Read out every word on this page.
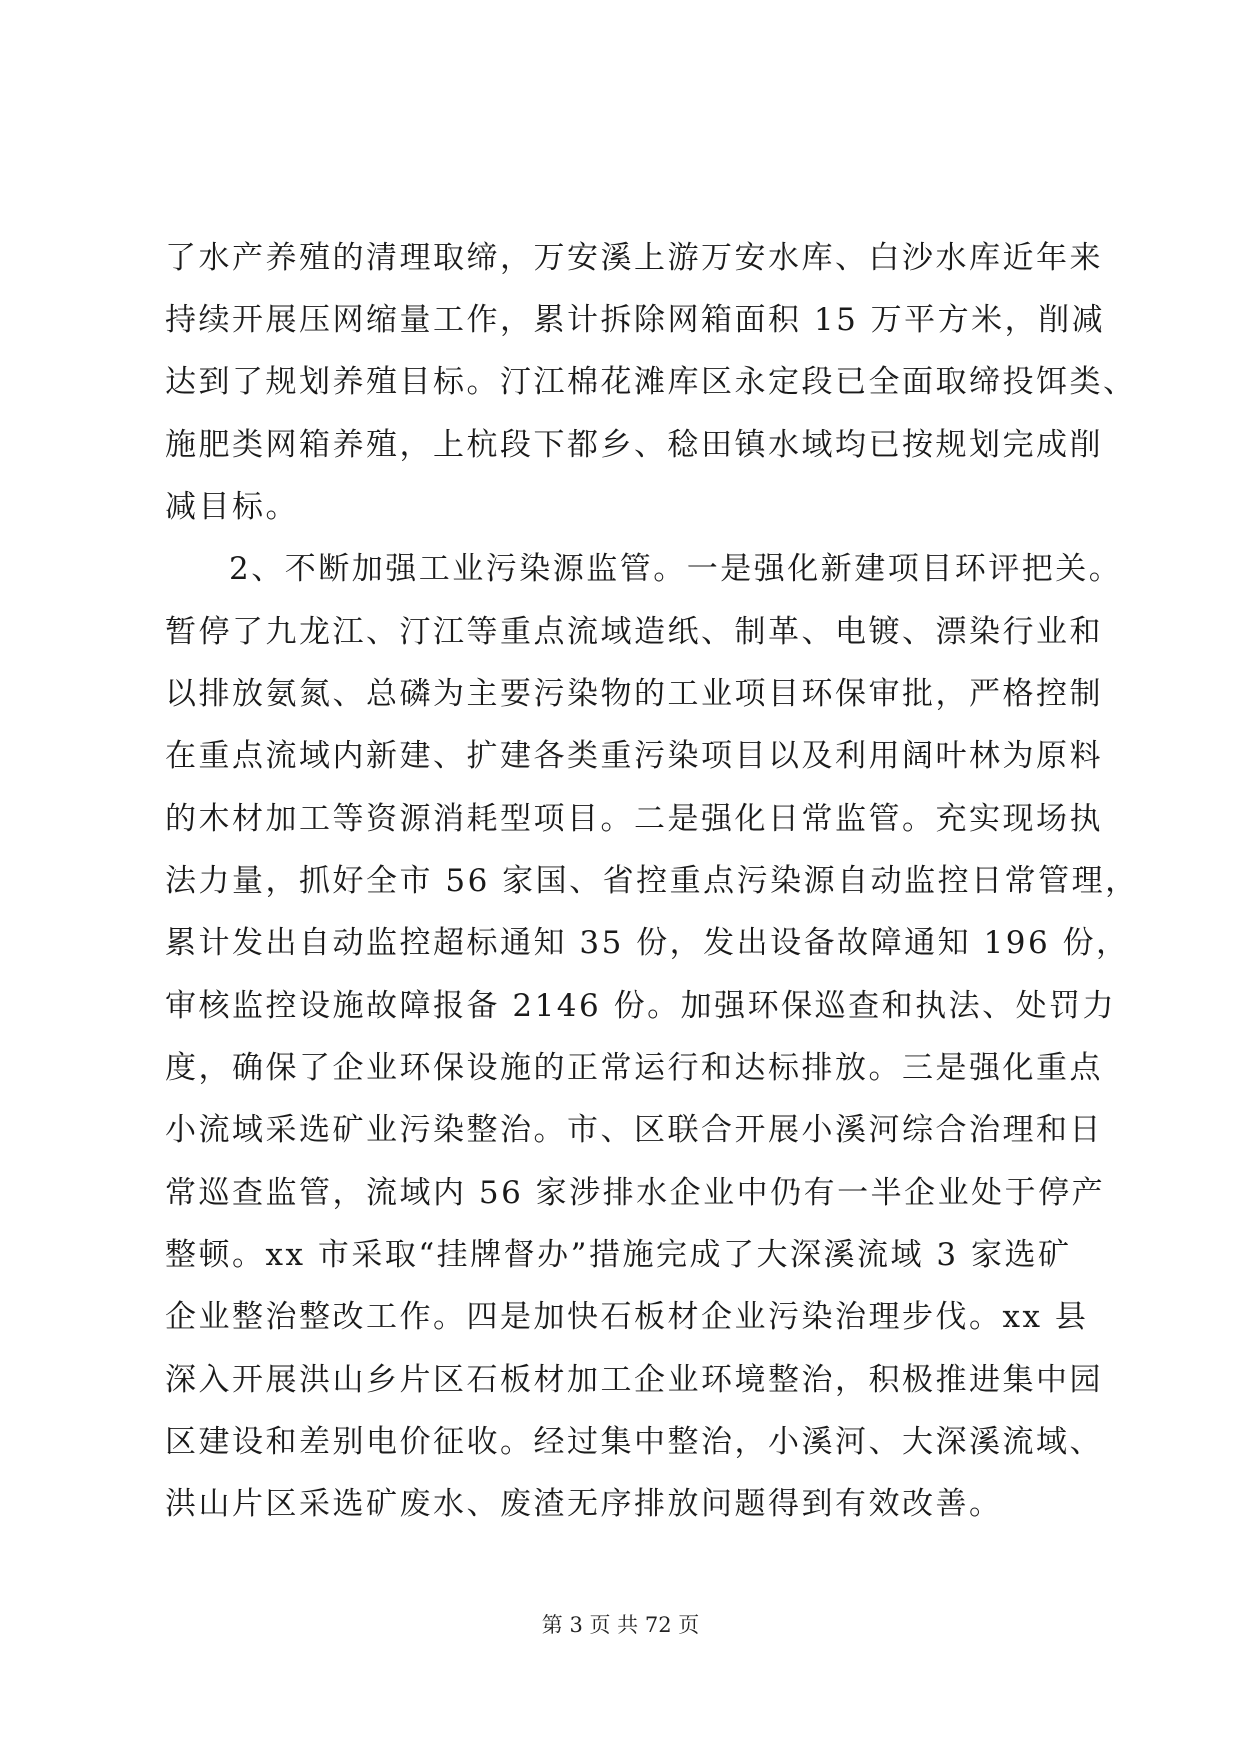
了水产养殖的清理取缔，万安溪上游万安水库、白沙水库近年来
持续开展压网缩量工作，累计拆除网箱面积 15 万平方米，削减
达到了规划养殖目标。汀江棉花滩库区永定段已全面取缔投饵类、
施肥类网箱养殖，上杭段下都乡、稔田镇水域均已按规划完成削
减目标。
2、不断加强工业污染源监管。一是强化新建项目环评把关。
暂停了九龙江、汀江等重点流域造纸、制革、电镀、漂染行业和
以排放氨氮、总磷为主要污染物的工业项目环保审批，严格控制
在重点流域内新建、扩建各类重污染项目以及利用阔叶林为原料
的木材加工等资源消耗型项目。二是强化日常监管。充实现场执
法力量，抓好全市 56 家国、省控重点污染源自动监控日常管理，
累计发出自动监控超标通知 35 份，发出设备故障通知 196 份，
审核监控设施故障报备 2146 份。加强环保巡查和执法、处罚力
度，确保了企业环保设施的正常运行和达标排放。三是强化重点
小流域采选矿业污染整治。市、区联合开展小溪河综合治理和日
常巡查监管，流域内 56 家涉排水企业中仍有一半企业处于停产
整顿。xx 市采取“挂牌督办”措施完成了大深溪流域 3 家选矿
企业整治整改工作。四是加快石板材企业污染治理步伐。xx 县
深入开展洪山乡片区石板材加工企业环境整治，积极推进集中园
区建设和差别电价征收。经过集中整治，小溪河、大深溪流域、
洪山片区采选矿废水、废渣无序排放问题得到有效改善。
第 3 页 共 72 页
